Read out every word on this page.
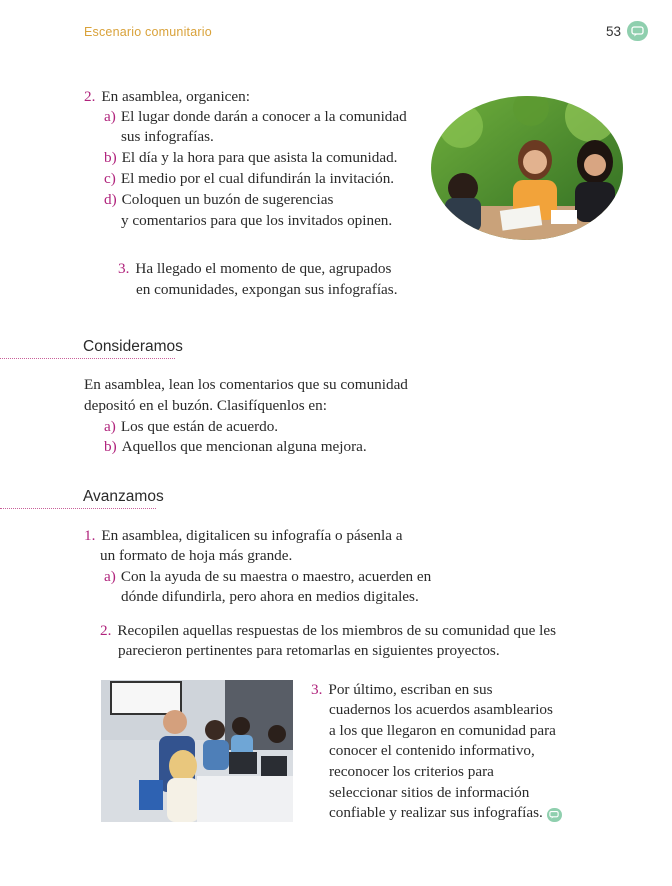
Escenario comunitario	53
2. En asamblea, organicen:
a) El lugar donde darán a conocer a la comunidad
sus infografías.
b) El día y la hora para que asista la comunidad.
c) El medio por el cual difundirán la invitación.
d) Coloquen un buzón de sugerencias
y comentarios para que los invitados opinen.
3. Ha llegado el momento de que, agrupados
en comunidades, expongan sus infografías.
Consideramos
En asamblea, lean los comentarios que su comunidad
depositó en el buzón. Clasifíquenlos en:
a) Los que están de acuerdo.
b) Aquellos que mencionan alguna mejora.
Avanzamos
1. En asamblea, digitalicen su infografía o pásenla a
un formato de hoja más grande.
a) Con la ayuda de su maestra o maestro, acuerden en
dónde difundirla, pero ahora en medios digitales.
2. Recopilen aquellas respuestas de los miembros de su comunidad que les
parecieron pertinentes para retomarlas en siguientes proyectos.
3. Por último, escriban en sus
cuadernos los acuerdos asamblearios
a los que llegaron en comunidad para
conocer el contenido informativo,
reconocer los criterios para
seleccionar sitios de información
confiable y realizar sus infografías.
